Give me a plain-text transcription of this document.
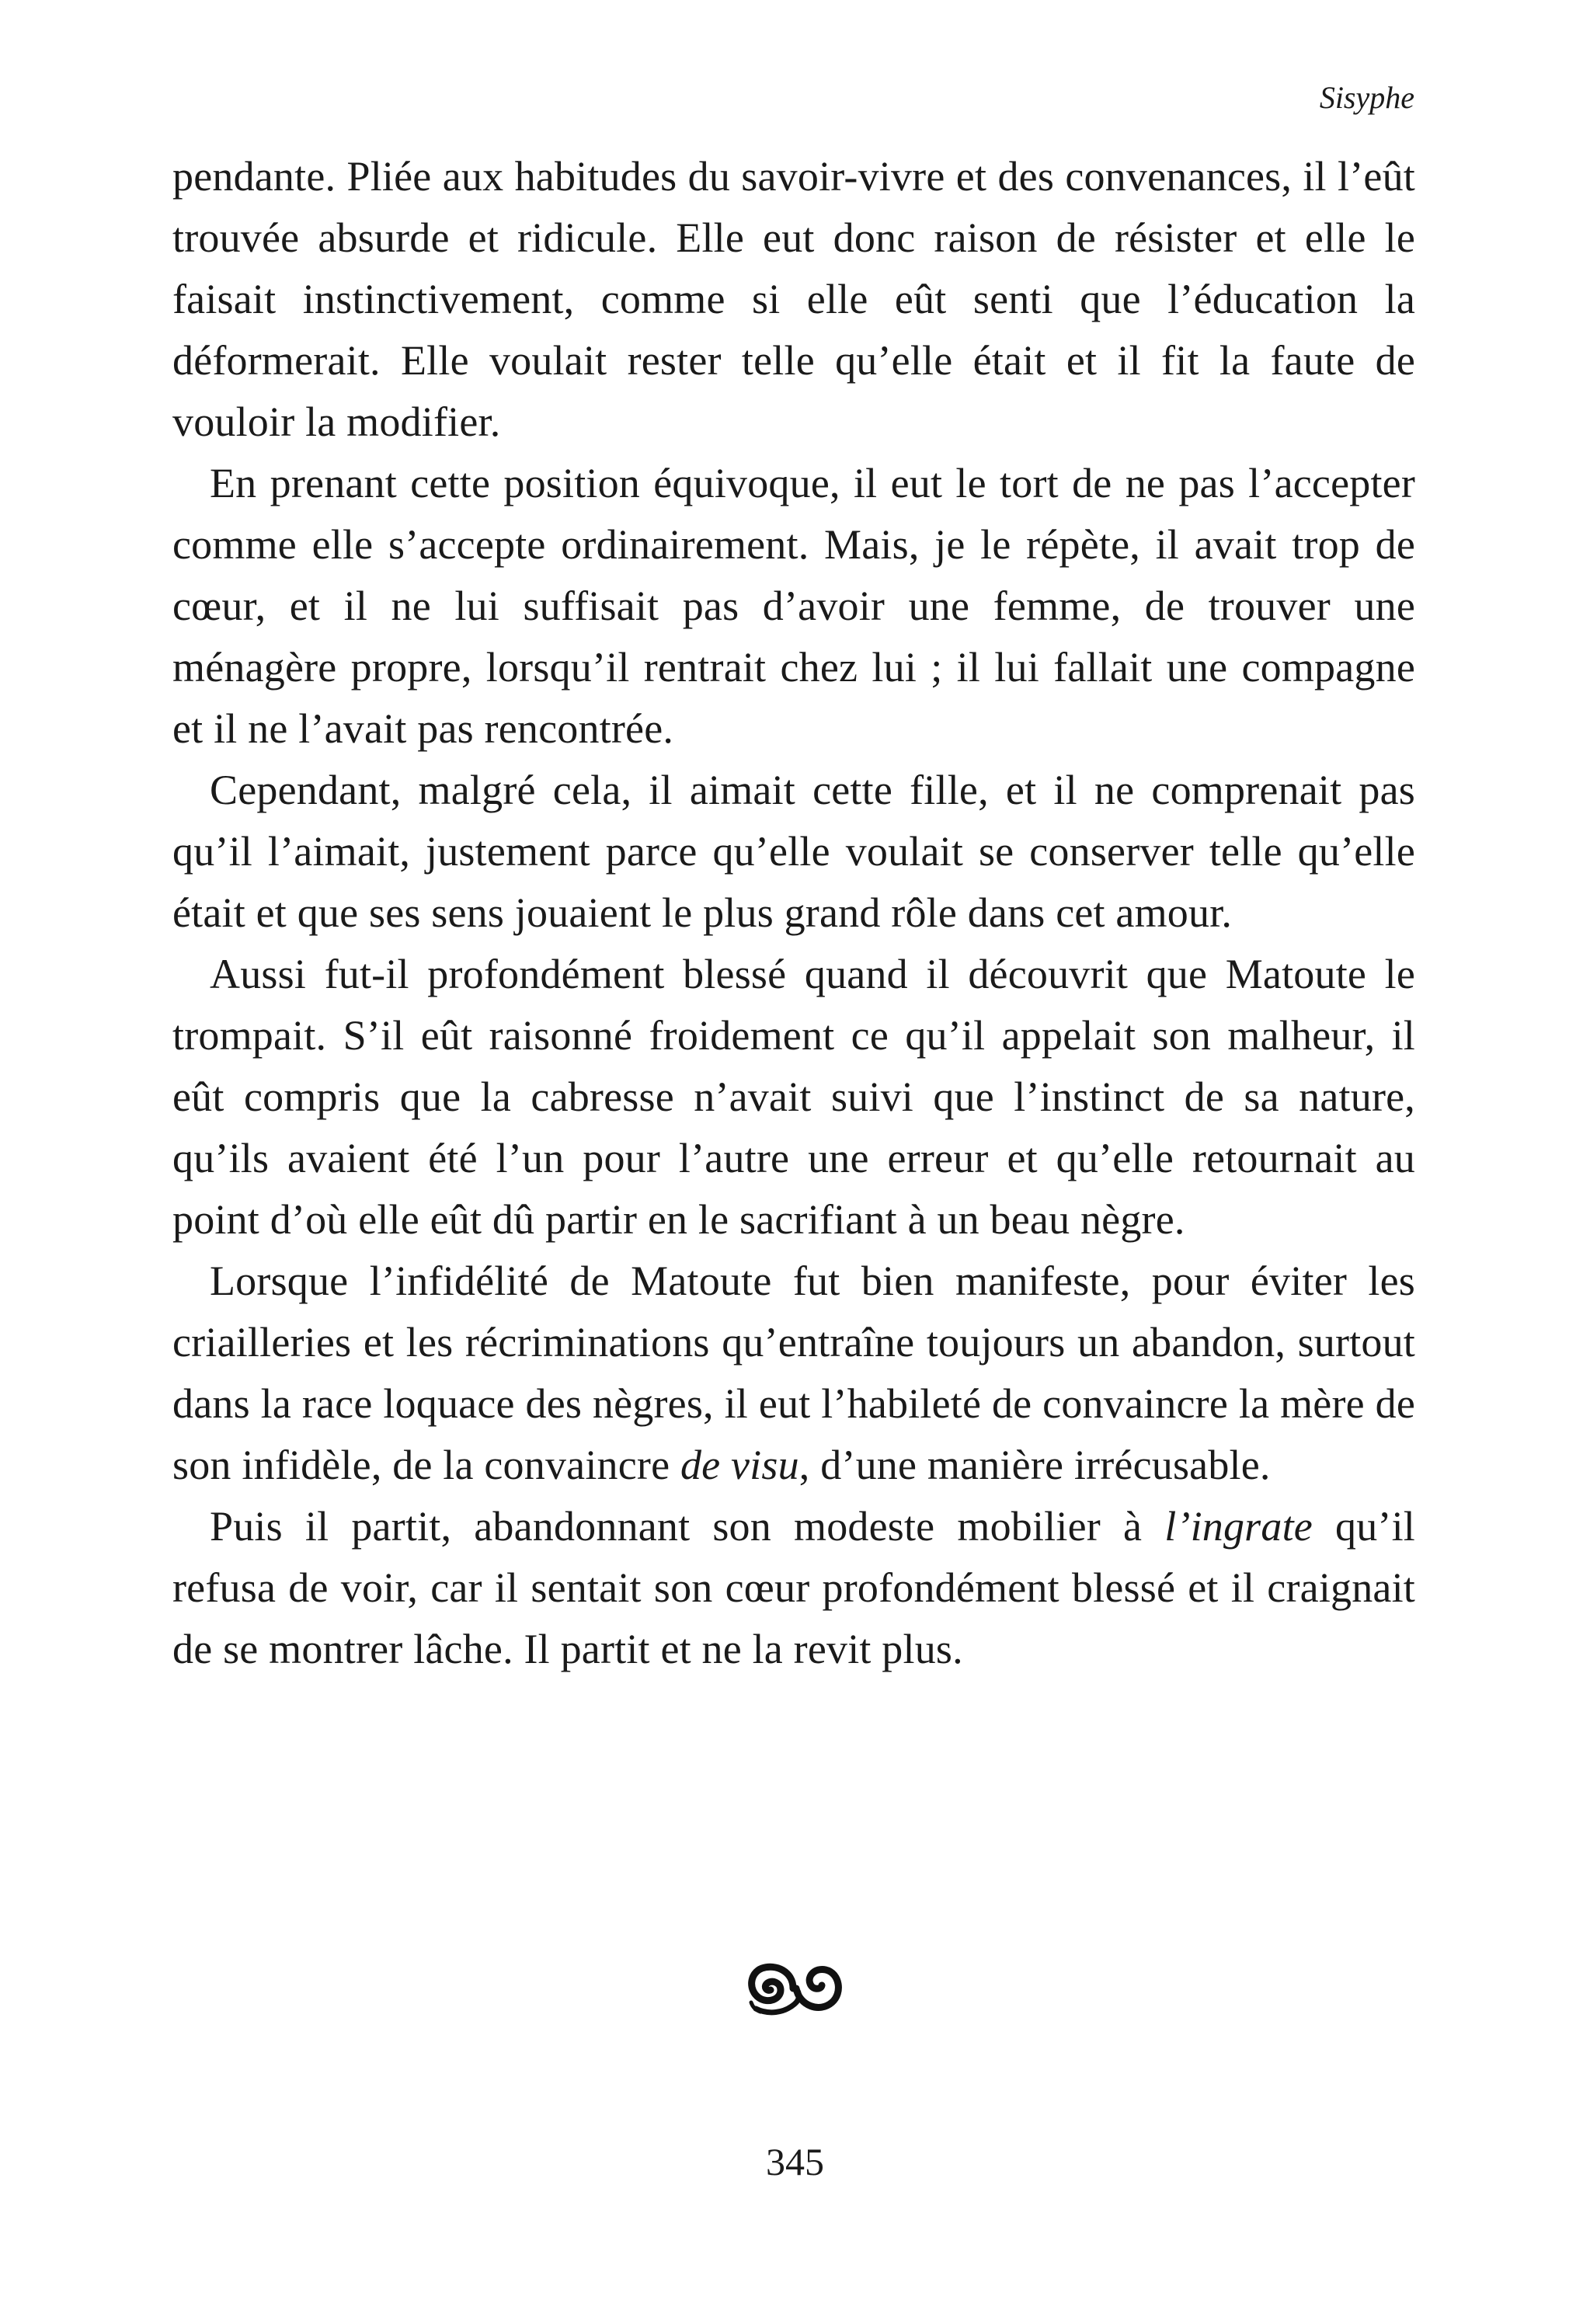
Sisyphe

pendante. Pliée aux habitudes du savoir-vivre et des convenances, il l’eût trouvée absurde et ridicule. Elle eut donc raison de résister et elle le faisait instinctivement, comme si elle eût senti que l’éducation la déformerait. Elle voulait rester telle qu’elle était et il fit la faute de vouloir la modifier.

En prenant cette position équivoque, il eut le tort de ne pas l’accepter comme elle s’accepte ordinairement. Mais, je le répète, il avait trop de cœur, et il ne lui suffisait pas d’avoir une femme, de trouver une ménagère propre, lorsqu’il rentrait chez lui ; il lui fallait une compagne et il ne l’avait pas rencontrée.

Cependant, malgré cela, il aimait cette fille, et il ne comprenait pas qu’il l’aimait, justement parce qu’elle voulait se conserver telle qu’elle était et que ses sens jouaient le plus grand rôle dans cet amour.

Aussi fut-il profondément blessé quand il découvrit que Matoute le trompait. S’il eût raisonné froidement ce qu’il appelait son malheur, il eût compris que la cabresse n’avait suivi que l’instinct de sa nature, qu’ils avaient été l’un pour l’autre une erreur et qu’elle retournait au point d’où elle eût dû partir en le sacrifiant à un beau nègre.

Lorsque l’infidélité de Matoute fut bien manifeste, pour éviter les criailleries et les récriminations qu’entraîne toujours un abandon, surtout dans la race loquace des nègres, il eut l’habileté de convaincre la mère de son infidèle, de la convaincre de visu, d’une manière irrécusable.

Puis il partit, abandonnant son modeste mobilier à l’ingrate qu’il refusa de voir, car il sentait son cœur profondément blessé et il craignait de se montrer lâche. Il partit et ne la revit plus.

345
